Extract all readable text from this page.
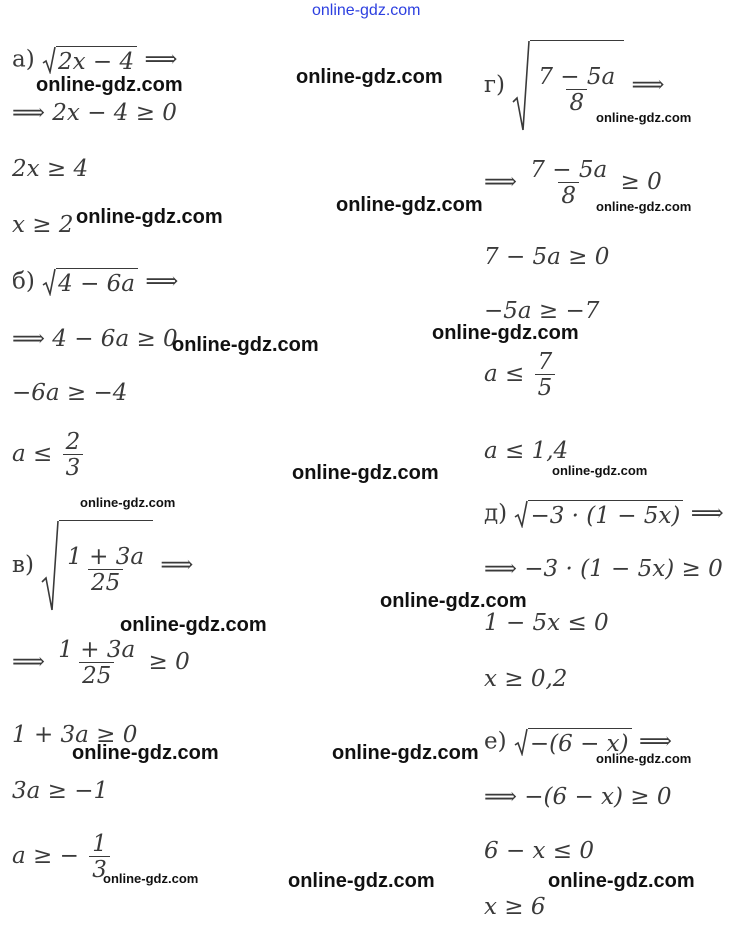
а) 2x − 4 ⟹
⟹ 2x − 4 ≥ 0
2x ≥ 4
x ≥ 2
б) 4 − 6a ⟹
⟹ 4 − 6a ≥ 0
−6a ≥ −4
$a \le \frac{2}{3}$
$в) \frac{1 + 3a}{25}$ ⟹
⟹ $\frac{1 + 3a}{25} \ge 0$
1 + 3a ≥ 0
3a ≥ −1
a ≥ − $\frac{1}{3}$
$г) \frac{7 - 5a}{8}$ ⟹
⟹ $\frac{7 - 5a}{8} \ge 0$
7 − 5a ≥ 0
−5a ≥ −7
$a \le \frac{7}{5}$
a ≤ 1,4
д) −3 · (1 − 5x) ⟹
⟹ −3 · (1 − 5x) ≥ 0
1 − 5x ≤ 0
x ≥ 0,2
е) −(6 − x) ⟹
⟹ −(6 − x) ≥ 0
6 − x ≤ 0
x ≥ 6
online-gdz.com
online-gdz.com	online-gdz.com
online-gdz.com
online-gdz.com
online-gdz.com
online-gdz.com
online-gdz.com
online-gdz.com
online-gdz.com	online-gdz.com
online-gdz.com
online-gdz.com
online-gdz.com
online-gdz.com	online-gdz.com	online-gdz.com
online-gdz.com	online-gdz.com	online-gdz.com
